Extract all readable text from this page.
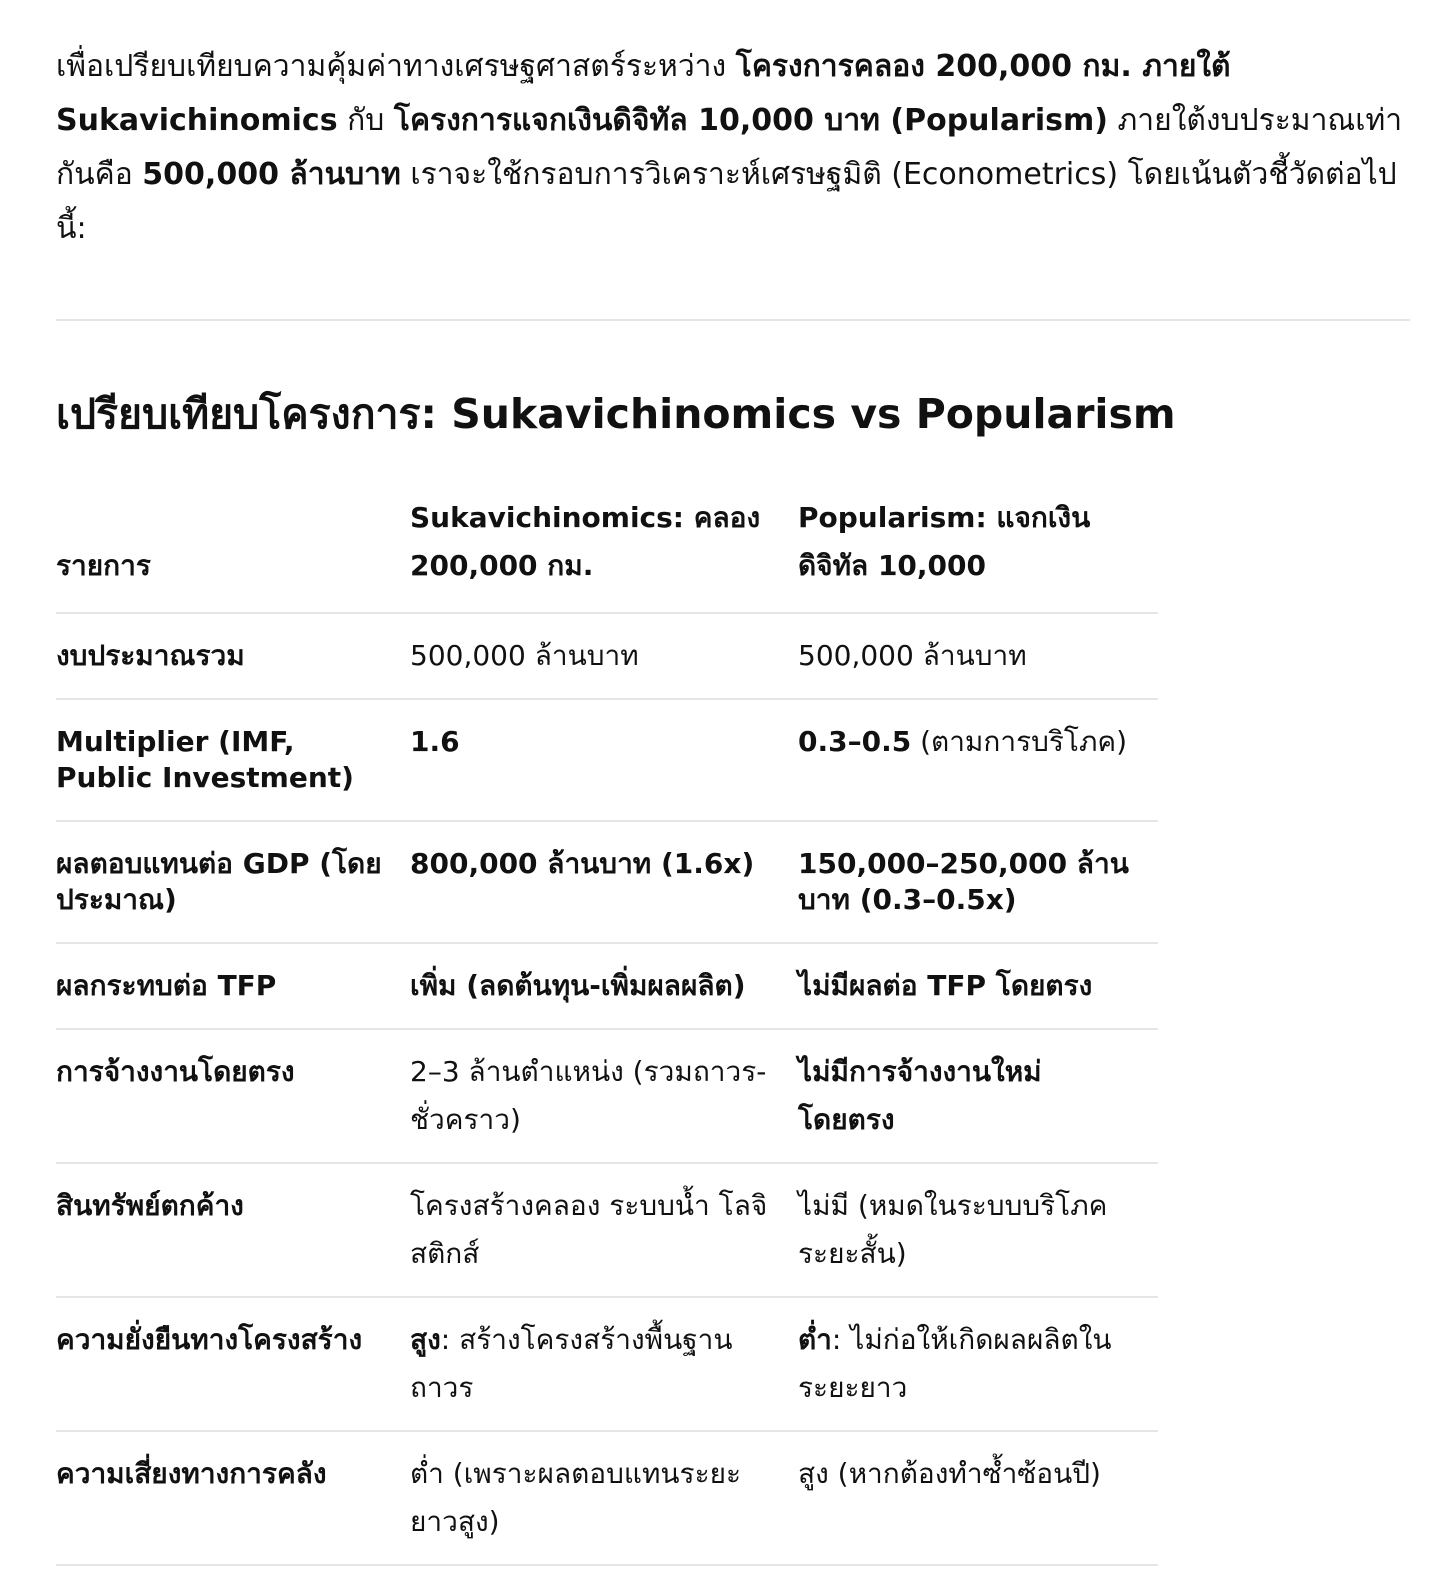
เพื่อเปรียบเทียบความคุ้มค่าทางเศรษฐศาสตร์ระหว่าง โครงการคลอง 200,000 กม. ภายใต้ Sukavichinomics กับ โครงการแจกเงินดิจิทัล 10,000 บาท (Popularism) ภายใต้งบประมาณเท่ากันคือ 500,000 ล้านบาท เราจะใช้กรอบการวิเคราะห์เศรษฐมิติ (Econometrics) โดยเน้นตัวชี้วัดต่อไปนี้:

เปรียบเทียบโครงการ: Sukavichinomics vs Popularism
รายการ	Sukavichinomics: คลอง 200,000 กม.	Popularism: แจกเงินดิจิทัล 10,000
งบประมาณรวม	500,000 ล้านบาท	500,000 ล้านบาท
Multiplier (IMF, Public Investment)	1.6	0.3–0.5 (ตามการบริโภค)
ผลตอบแทนต่อ GDP (โดยประมาณ)	800,000 ล้านบาท (1.6x)	150,000–250,000 ล้านบาท (0.3–0.5x)
ผลกระทบต่อ TFP	เพิ่ม (ลดต้นทุน-เพิ่มผลผลิต)	ไม่มีผลต่อ TFP โดยตรง
การจ้างงานโดยตรง	2–3 ล้านตำแหน่ง (รวมถาวร-ชั่วคราว)	ไม่มีการจ้างงานใหม่โดยตรง
สินทรัพย์ตกค้าง	โครงสร้างคลอง ระบบน้ำ โลจิสติกส์	ไม่มี (หมดในระบบบริโภคระยะสั้น)
ความยั่งยืนทางโครงสร้าง	สูง: สร้างโครงสร้างพื้นฐานถาวร	ต่ำ: ไม่ก่อให้เกิดผลผลิตในระยะยาว
ความเสี่ยงทางการคลัง	ต่ำ (เพราะผลตอบแทนระยะยาวสูง)	สูง (หากต้องทำซ้ำซ้อนปี)
